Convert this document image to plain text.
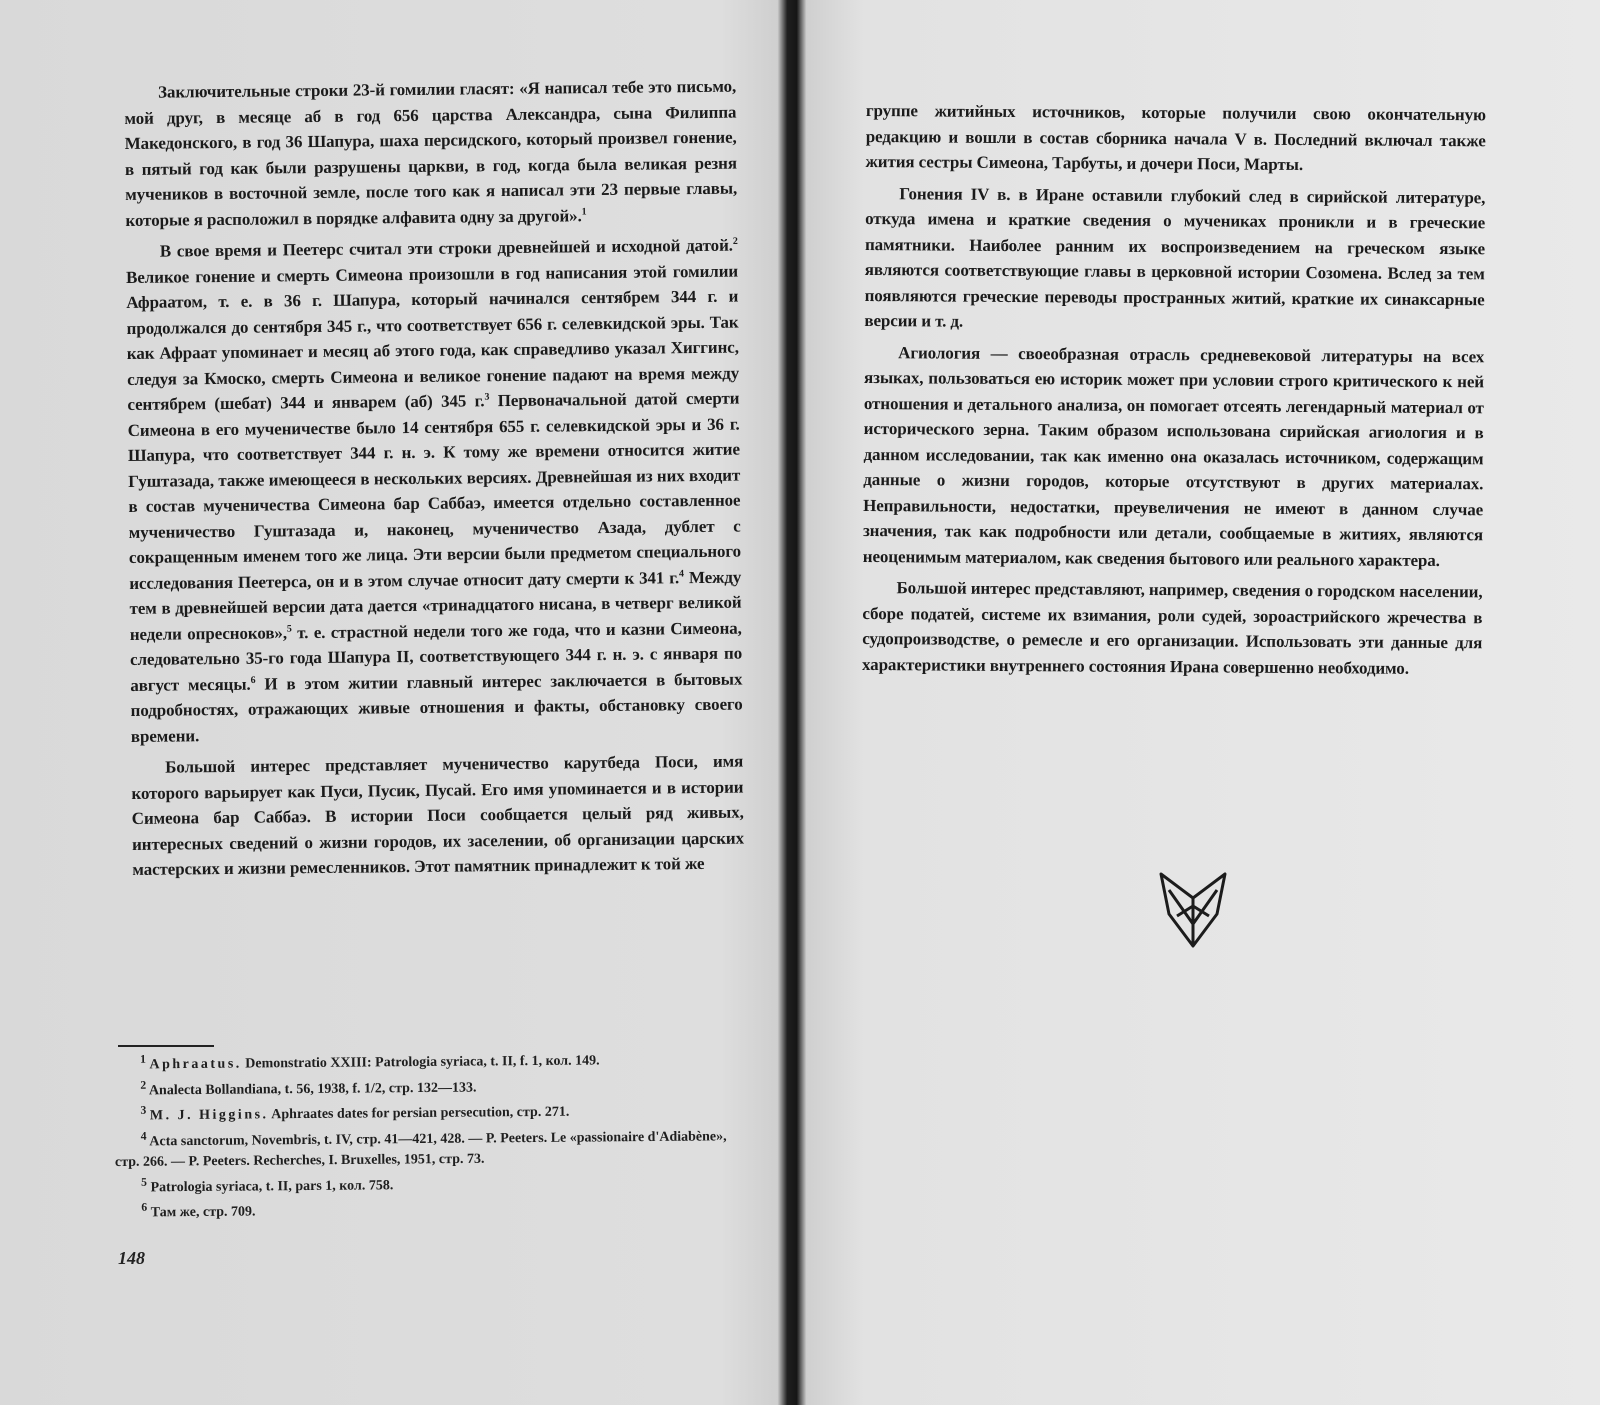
Заключительные строки 23-й гомилии гласят: «Я написал тебе это письмо, мой друг, в месяце аб в год 656 царства Александра, сына Филиппа Македонского, в год 36 Шапура, шаха персидского, который произвел гонение, в пятый год как были разрушены царкви, в год, когда была великая резня мучеников в восточной земле, после того как я написал эти 23 первые главы, которые я расположил в порядке алфавита одну за другой».$^1$

В свое время и Пеетерс считал эти строки древнейшей и исходной датой.$^2$ Великое гонение и смерть Симеона произошли в год написания этой гомилии Афраатом, т. е. в 36 г. Шапура, который начинался сентябрем 344 г. и продолжался до сентября 345 г., что соответствует 656 г. селевкидской эры. Так как Афраат упоминает и месяц аб этого года, как справедливо указал Хиггинс, следуя за Кмоско, смерть Симеона и великое гонение падают на время между сентябрем (шебат) 344 и январем (аб) 345 г.$^3$ Первоначальной датой смерти Симеона в его мученичестве было 14 сентября 655 г. селевкидской эры и 36 г. Шапура, что соответствует 344 г. н. э. К тому же времени относится житие Гуштазада, также имеющееся в нескольких версиях. Древнейшая из них входит в состав мученичества Симеона бар Саббаэ, имеется отдельно составленное мученичество Гуштазада и, наконец, мученичество Азада, дублет с сокращенным именем того же лица. Эти версии были предметом специального исследования Пеетерса, он и в этом случае относит дату смерти к 341 г.$^4$ Между тем в древнейшей версии дата дается «тринадцатого нисана, в четверг великой недели опресноков»,$^5$ т. е. страстной недели того же года, что и казни Симеона, следовательно 35-го года Шапура II, соответствующего 344 г. н. э. с января по август месяцы.$^6$ И в этом житии главный интерес заключается в бытовых подробностях, отражающих живые отношения и факты, обстановку своего времени.

Большой интерес представляет мученичество карутбеда Поси, имя которого варьирует как Пуси, Пусик, Пусай. Его имя упоминается и в истории Симеона бар Саббаэ. В истории Поси сообщается целый ряд живых, интересных сведений о жизни городов, их заселении, об организации царских мастерских и жизни ремесленников. Этот памятник принадлежит к той же

$^1$ Aphraatus. Demonstratio XXIII: Patrologia syriaca, t. II, f. 1, кол. 149.

$^2$ Analecta Bollandiana, t. 56, 1938, f. 1/2, стр. 132—133.

$^3$ M. J. Higgins. Aphraates dates for persian persecution, стр. 271.

$^4$ Acta sanctorum, Novembris, t. IV, стр. 41—421, 428. — P. Peeters. Le «passionaire d'Adiabène», стр. 266. — P. Peeters. Recherches, I. Bruxelles, 1951, стр. 73.

$^5$ Patrologia syriaca, t. II, pars 1, кол. 758.

$^6$ Там же, стр. 709.

148

группе житийных источников, которые получили свою окончательную редакцию и вошли в состав сборника начала V в. Последний включал также жития сестры Симеона, Тарбуты, и дочери Поси, Марты.

Гонения IV в. в Иране оставили глубокий след в сирийской литературе, откуда имена и краткие сведения о мучениках проникли и в греческие памятники. Наиболее ранним их воспроизведением на греческом языке являются соответствующие главы в церковной истории Созомена. Вслед за тем появляются греческие переводы пространных житий, краткие их синаксарные версии и т. д.

Агиология — своеобразная отрасль средневековой литературы на всех языках, пользоваться ею историк может при условии строго критического к ней отношения и детального анализа, он помогает отсеять легендарный материал от исторического зерна. Таким образом использована сирийская агиология и в данном исследовании, так как именно она оказалась источником, содержащим данные о жизни городов, которые отсутствуют в других материалах. Неправильности, недостатки, преувеличения не имеют в данном случае значения, так как подробности или детали, сообщаемые в житиях, являются неоценимым материалом, как сведения бытового или реального характера.

Большой интерес представляют, например, сведения о городском населении, сборе податей, системе их взимания, роли судей, зороастрийского жречества в судопроизводстве, о ремесле и его организации. Использовать эти данные для характеристики внутреннего состояния Ирана совершенно необходимо.
